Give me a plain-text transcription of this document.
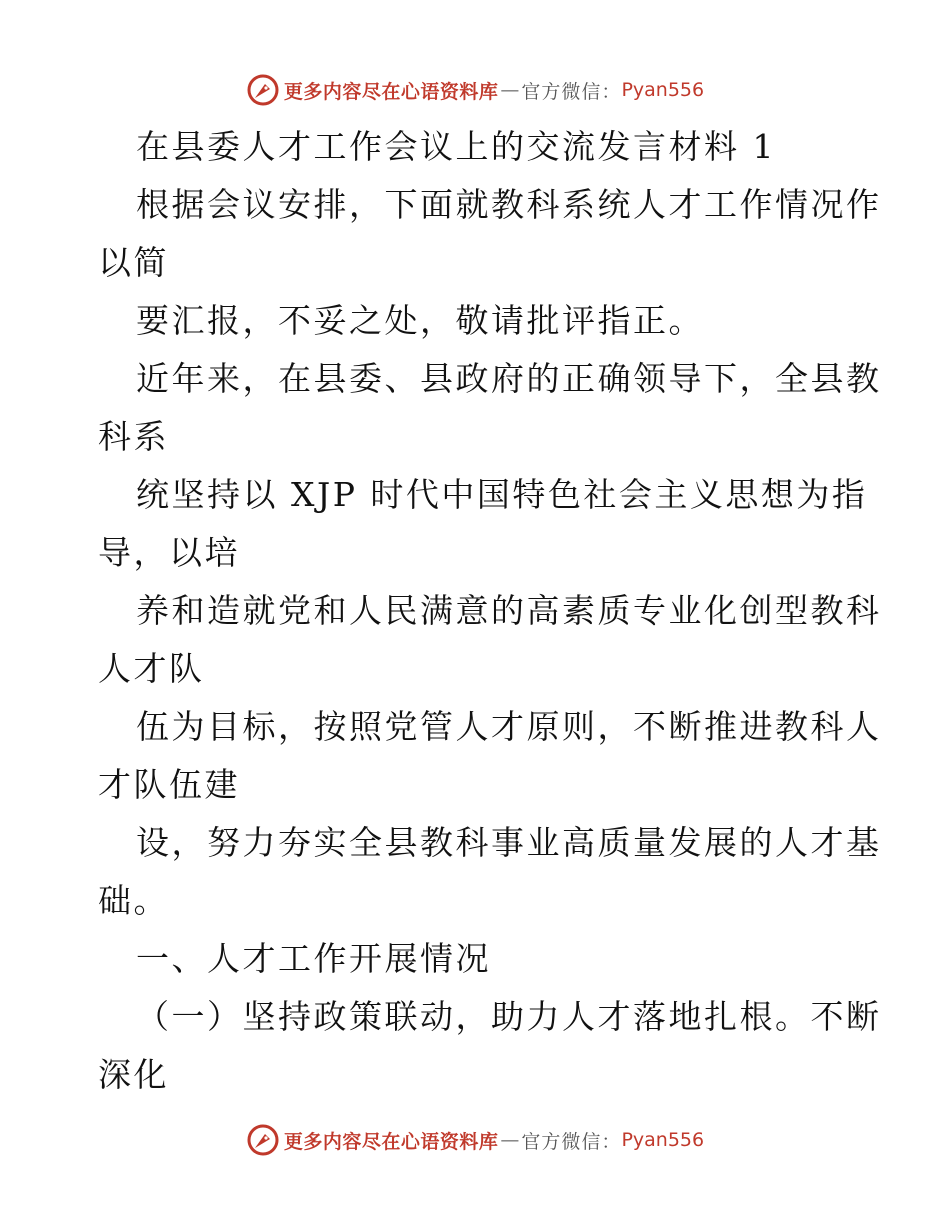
更多内容尽在心语资料库 — 官方微信： Pyan556
在县委人才工作会议上的交流发言材料 1
根据会议安排，下面就教科系统人才工作情况作
以简
要汇报，不妥之处，敬请批评指正。
近年来，在县委、县政府的正确领导下，全县教
科系
统坚持以 XJP 时代中国特色社会主义思想为指
导，以培
养和造就党和人民满意的高素质专业化创型教科
人才队
伍为目标，按照党管人才原则，不断推进教科人
才队伍建
设，努力夯实全县教科事业高质量发展的人才基
础。
一、人才工作开展情况
（一）坚持政策联动，助力人才落地扎根。不断
深化
更多内容尽在心语资料库 — 官方微信： Pyan556
